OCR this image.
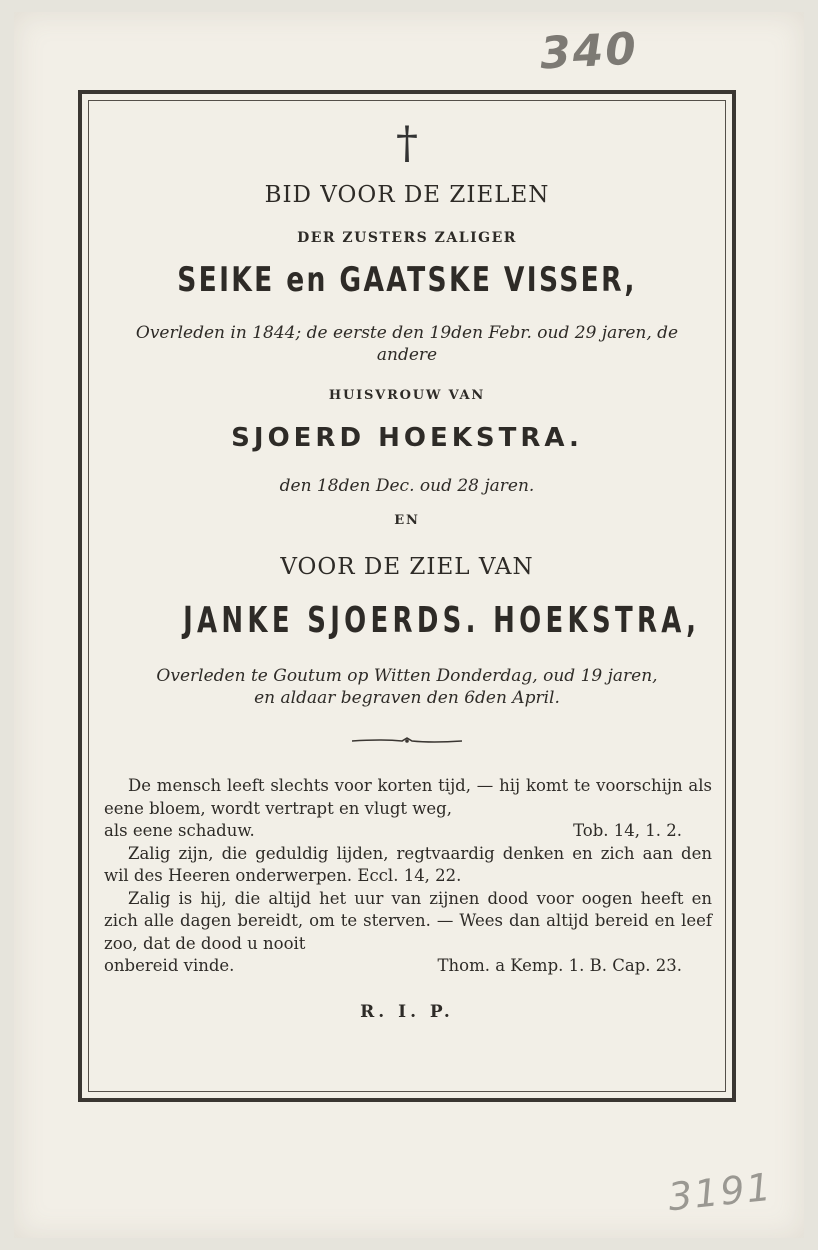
340
3191
†
BID VOOR DE ZIELEN
DER ZUSTERS ZALIGER
SEIKE en GAATSKE VISSER,
Overleden in 1844; de eerste den 19den Febr. oud 29 jaren, de andere
HUISVROUW VAN
SJOERD HOEKSTRA.
den 18den Dec. oud 28 jaren.
EN
VOOR DE ZIEL VAN
JANKE SJOERDS. HOEKSTRA,
Overleden te Goutum op Witten Donderdag, oud 19 jaren,
en aldaar begraven den 6den April.

De mensch leeft slechts voor korten tijd, — hij komt te voorschijn als eene bloem, wordt vertrapt en vlugt weg,

als eene schaduw.	Tob. 14, 1. 2.

Zalig zijn, die geduldig lijden, regtvaardig denken en zich aan den wil des Heeren onderwerpen. Eccl. 14, 22.

Zalig is hij, die altijd het uur van zijnen dood voor oogen heeft en zich alle dagen bereidt, om te sterven. — Wees dan altijd bereid en leef zoo, dat de dood u nooit

onbereid vinde.	Thom. a Kemp. 1. B. Cap. 23.
R. I. P.
